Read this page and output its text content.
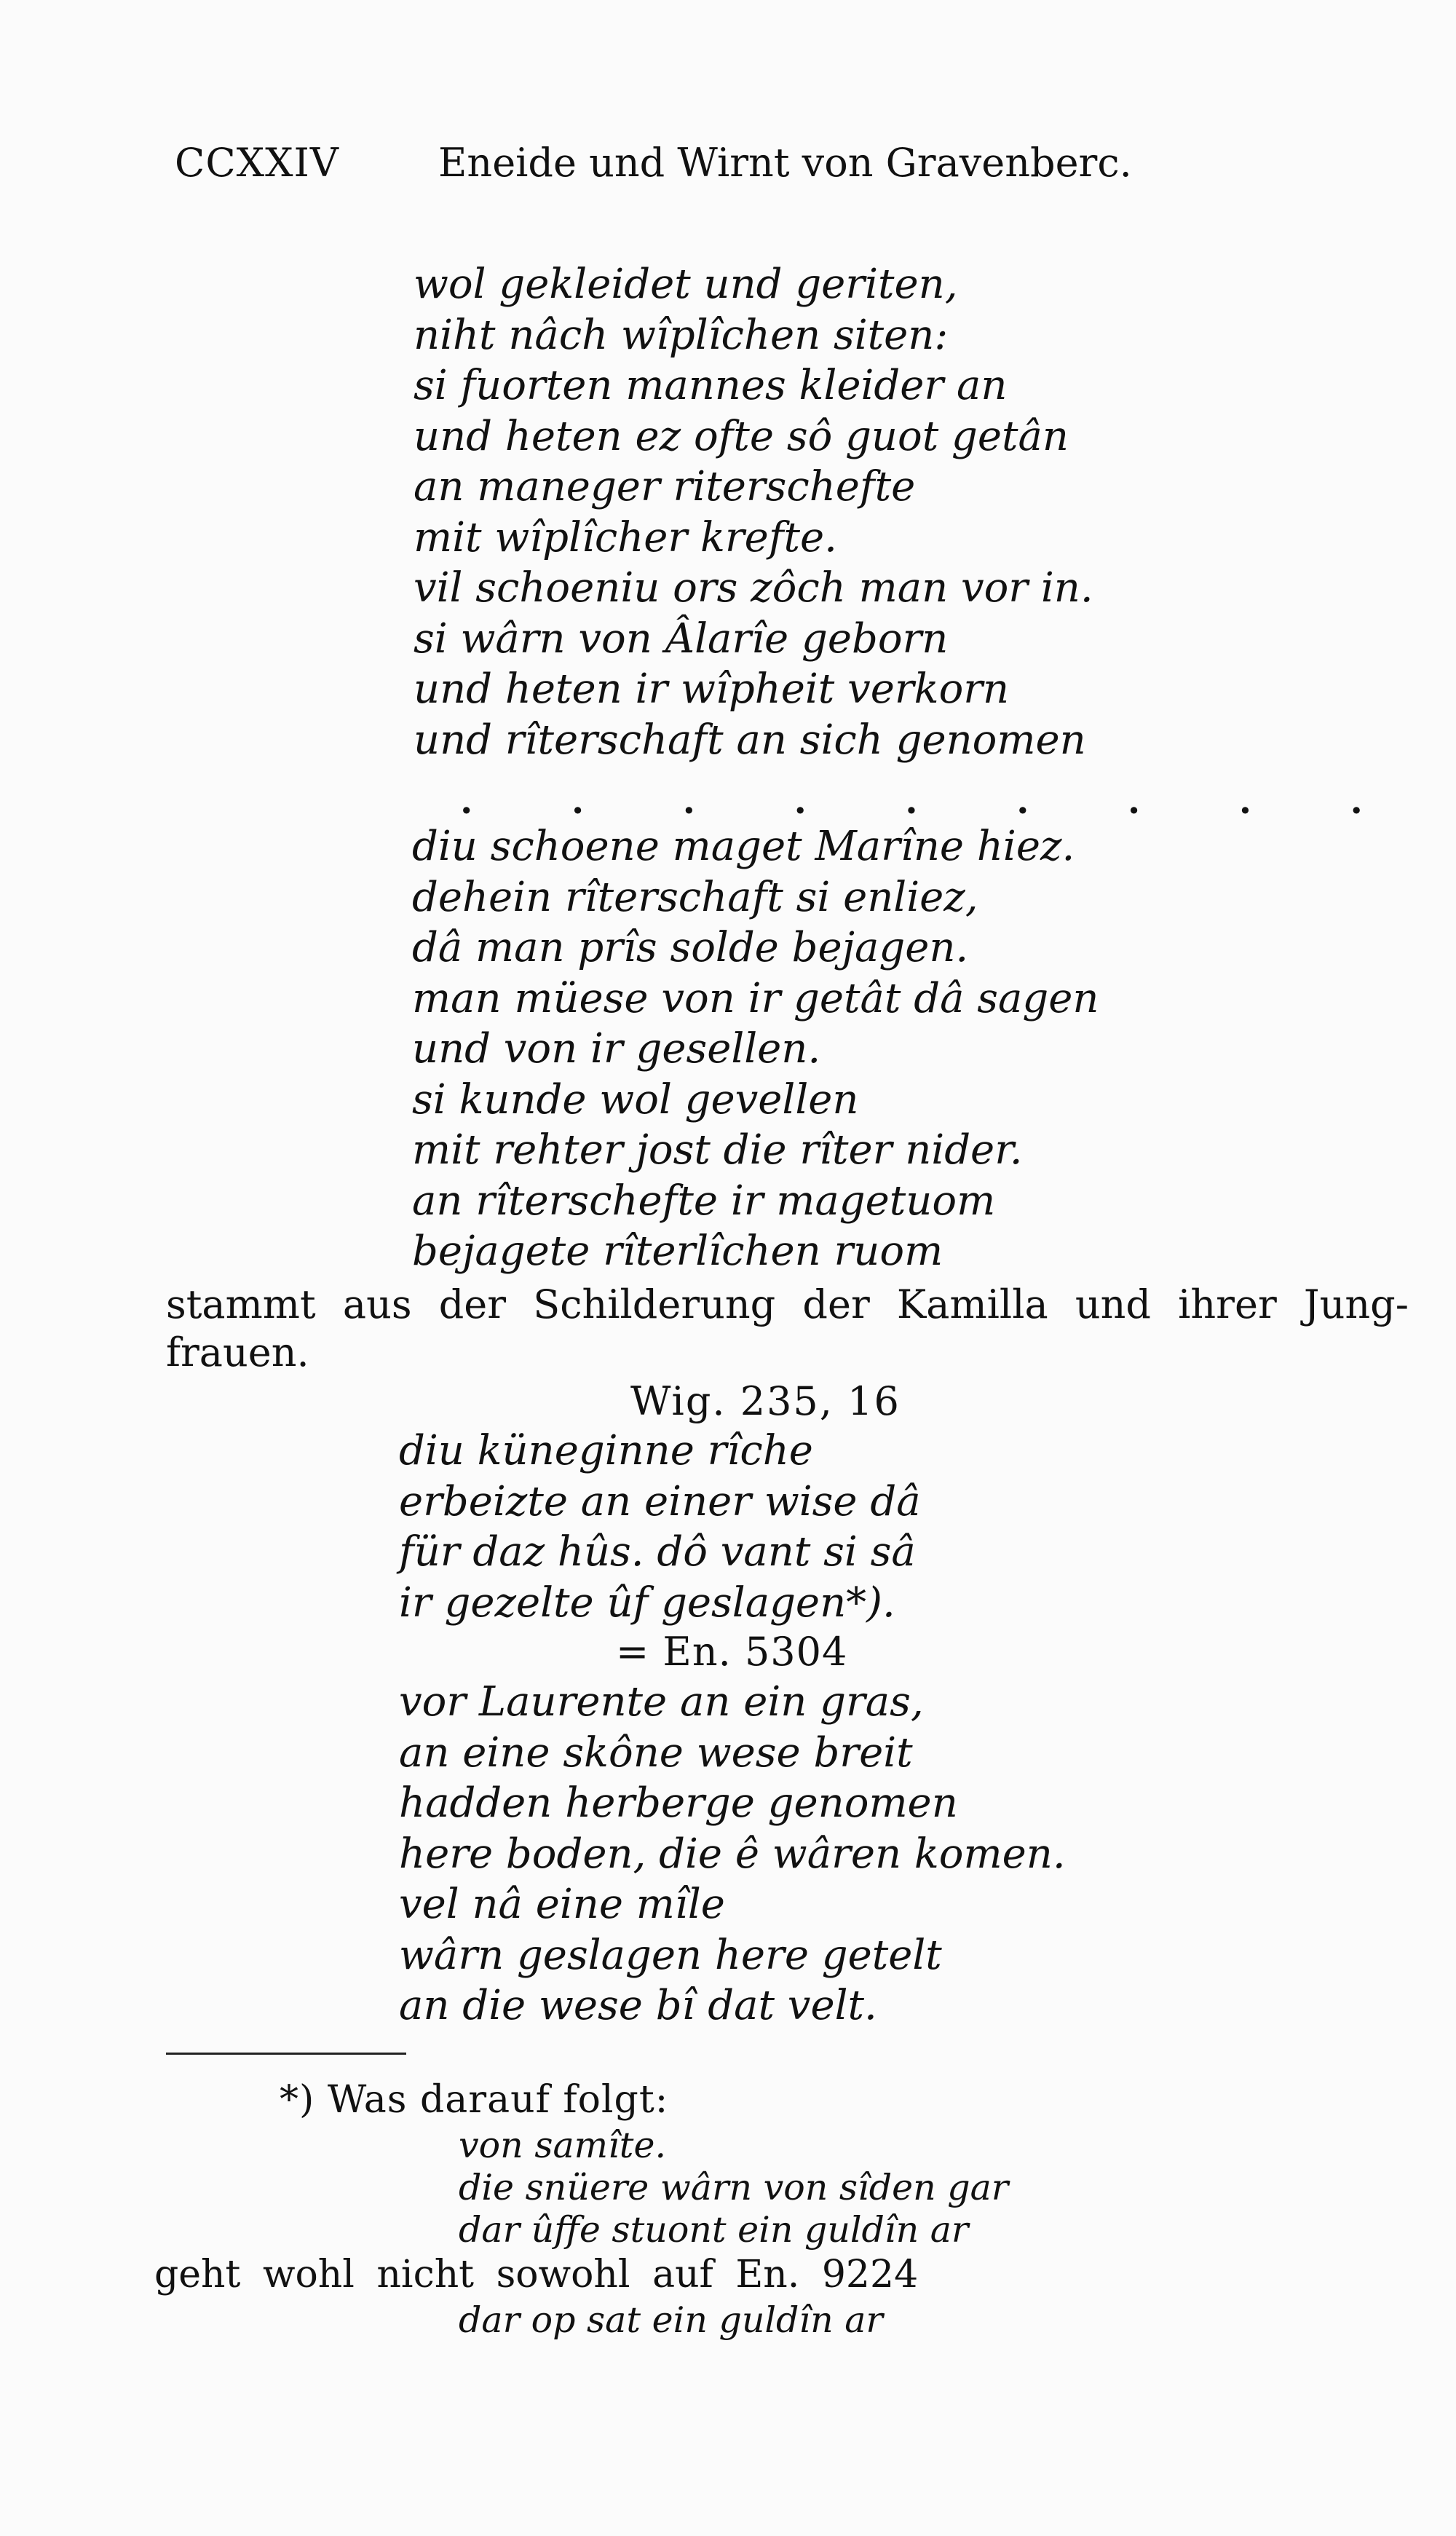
CCXXIV	Eneide und Wirnt von Gravenberc.
wol gekleidet und geriten,
niht nâch wîplîchen siten:
si fuorten mannes kleider an
und heten ez ofte sô guot getân
an maneger riterschefte
mit wîplîcher krefte.
vil schoeniu ors zôch man vor in.
si wârn von Âlarîe geborn
und heten ir wîpheit verkorn
und rîterschaft an sich genomen
. . . . . . . . .
diu schoene maget Marîne hiez.
dehein rîterschaft si enliez,
dâ man prîs solde bejagen.
man müese von ir getât dâ sagen
und von ir gesellen.
si kunde wol gevellen
mit rehter jost die rîter nider.
an rîterschefte ir magetuom
bejagete rîterlîchen ruom
stammt aus der Schilderung der Kamilla und ihrer Jung-
frauen.
Wig. 235, 16
diu küneginne rîche
erbeizte an einer wise dâ
für daz hûs. dô vant si sâ
ir gezelte ûf geslagen*).
= En. 5304
vor Laurente an ein gras,
an eine skône wese breit
hadden herberge genomen
here boden, die ê wâren komen.
vel nâ eine mîle
wârn geslagen here getelt
an die wese bî dat velt.
*) Was darauf folgt:
von samîte.
die snüere wârn von sîden gar
dar ûffe stuont ein guldîn ar
geht wohl nicht sowohl auf En. 9224
dar op sat ein guldîn ar
